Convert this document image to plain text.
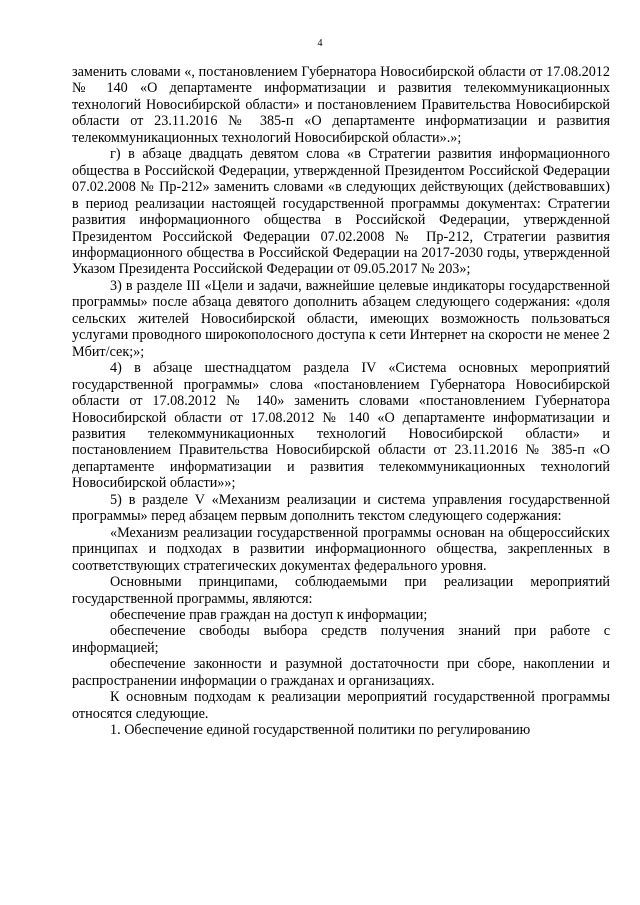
4

заменить словами «, постановлением Губернатора Новосибирской области от 17.08.2012 № 140 «О департаменте информатизации и развития телекоммуникационных технологий Новосибирской области» и постановлением Правительства Новосибирской области от 23.11.2016 № 385-п «О департаменте информатизации и развития телекоммуникационных технологий Новосибирской области».»;

г) в абзаце двадцать девятом слова «в Стратегии развития информационного общества в Российской Федерации, утвержденной Президентом Российской Федерации 07.02.2008 № Пр-212» заменить словами «в следующих действующих (действовавших) в период реализации настоящей государственной программы документах: Стратегии развития информационного общества в Российской Федерации, утвержденной Президентом Российской Федерации 07.02.2008 № Пр-212, Стратегии развития информационного общества в Российской Федерации на 2017-2030 годы, утвержденной Указом Президента Российской Федерации от 09.05.2017 № 203»;

3) в разделе III «Цели и задачи, важнейшие целевые индикаторы государственной программы» после абзаца девятого дополнить абзацем следующего содержания: «доля сельских жителей Новосибирской области, имеющих возможность пользоваться услугами проводного широкополосного доступа к сети Интернет на скорости не менее 2 Мбит/сек;»;

4) в абзаце шестнадцатом раздела IV «Система основных мероприятий государственной программы» слова «постановлением Губернатора Новосибирской области от 17.08.2012 № 140» заменить словами «постановлением Губернатора Новосибирской области от 17.08.2012 № 140 «О департаменте информатизации и развития телекоммуникационных технологий Новосибирской области» и постановлением Правительства Новосибирской области от 23.11.2016 № 385-п «О департаменте информатизации и развития телекоммуникационных технологий Новосибирской области»»;

5) в разделе V «Механизм реализации и система управления государственной программы» перед абзацем первым дополнить текстом следующего содержания:

«Механизм реализации государственной программы основан на общероссийских принципах и подходах в развитии информационного общества, закрепленных в соответствующих стратегических документах федерального уровня.

Основными принципами, соблюдаемыми при реализации мероприятий государственной программы, являются:

обеспечение прав граждан на доступ к информации;

обеспечение свободы выбора средств получения знаний при работе с информацией;

обеспечение законности и разумной достаточности при сборе, накоплении и распространении информации о гражданах и организациях.

К основным подходам к реализации мероприятий государственной программы относятся следующие.

1. Обеспечение единой государственной политики по регулированию
